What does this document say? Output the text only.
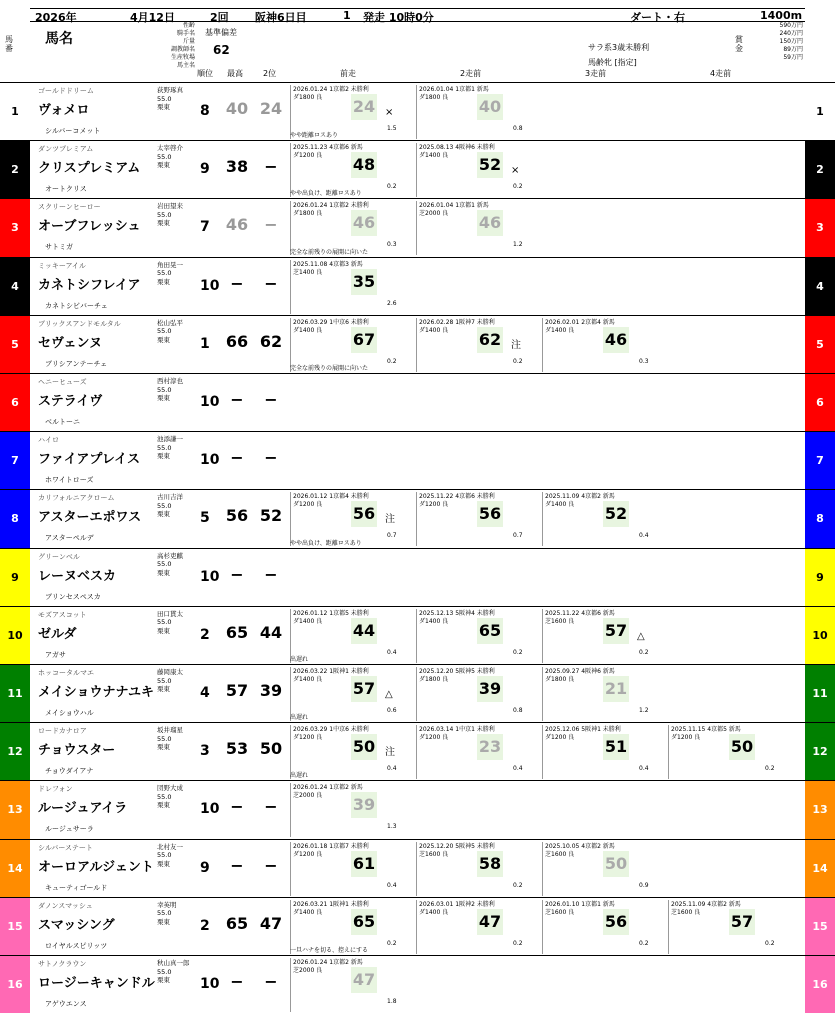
2026年	4月12日	2回 阪神6日目	1 発走 10時0分	ダート・右	1400m
馬番
馬名
順位 最高	2位	前走	2走前	3走前	4走前
基準偏差
62	サラ系3歳未勝利
馬齢牝 [指定]
賞金
590万円
240万円
150万円
89万円
59万円
性齢
騎手名
斤量
調教師名
生産牧場
馬主名
1	1
ヴォメロ
ゴールドドリーム
シルバーコメット
荻野琢真
55.0
栗東	8 40 24
2026.01.24 1京都2 未勝利
ダ1800 良 24 ×
1.5
2026.01.04 1京都1 新馬
ダ1800 良 40
0.8
やや距離ロスあり
2	2
クリスプレミアム
ダンツプレミアム
オートクリス
太宰啓介
55.0
栗東	9 38	−
2025.11.23 4京都6 新馬
ダ1200 良 48
0.2
2025.08.13 4阪神6 未勝利
ダ1400 良 52 ×
0.2
やや出負け、距離ロスあり
3	3
オーブフレッシュ
スクリーンヒーロー
サトミガ
岩田望来
55.0
栗東	7 46	−
2026.01.24 1京都2 未勝利
ダ1800 良 46
0.3
2026.01.04 1京都1 新馬
芝2000 良 46
1.2
完全な前残りの展開に向いた
4	4
カネトシフレイア
ミッキーアイル
カネトシビバーチェ
角田晃一
55.0
栗東	10 −	−
2025.11.08 4京都3 新馬
芝1400 良 35
2.6
5	5
セヴェンヌ
ブリックスアンドモルタル
ブリシアンテーチェ
松山弘平
55.0
栗東	1 66 62
2026.03.29 1中京6 未勝利
ダ1400 良 67
0.2
2026.02.28 1阪神7 未勝利
ダ1400 良 62 注
0.2
2026.02.01 2京都4 新馬
ダ1400 良 46
0.3
完全な前残りの展開に向いた
6	6
ステライヴ
ヘニーヒューズ
ベルトーニ
西村淳也
55.0
栗東	10 −	−
7	7
ファイアプレイス
ハイロ
ホワイトローズ
池添謙一
55.0
栗東	10 −	−
8	8
アスターエポワス
カリフォルニアクローム
アスターペルデ
古川吉洋
55.0
栗東	5 56 52
2026.01.12 1京都4 未勝利
ダ1200 良 56 注
0.7
2025.11.22 4京都6 未勝利
ダ1200 良 56
0.7
2025.11.09 4京都2 新馬
ダ1400 良 52
0.4
やや出負け、距離ロスあり
9	9
レーヌベスカ
グリーンベル
ブリンセスペスカ
高杉吏麒
55.0
栗東	10 −	−
10	10
ゼルダ
モズアスコット
アガサ
田口貫太
55.0
栗東	2 65 44
2026.01.12 1京都5 未勝利
ダ1400 良 44
0.4
2025.12.13 5阪神4 未勝利
ダ1400 良 65
0.2
2025.11.22 4京都6 新馬
芝1600 良 57 △
0.2
出遅れ
11	11
メイショウナナユキ
ホッコータルマエ
メイショウハル
藤岡康太
55.0
栗東	4 57 39
2026.03.22 1阪神1 未勝利
ダ1400 良 57 △
0.6
2025.12.20 5阪神5 未勝利
ダ1800 良 39
0.8
2025.09.27 4阪神6 新馬
ダ1800 良 21
1.2
出遅れ
12	12
チョウスター
ロードカナロア
チョウダイアナ
坂井瑠星
55.0
栗東	3 53 50
2026.03.29 1中京6 未勝利
ダ1200 良 50 注
0.4
2026.03.14 1中京1 未勝利
ダ1200 良 23
0.4
2025.12.06 5阪神1 未勝利
ダ1200 良 51
0.4
2025.11.15 4京都5 新馬
ダ1200 良 50
0.2
出遅れ
13	13
ルージュアイラ
ドレフォン
ルージュサーラ
団野大成
55.0
栗東	10 −	−
2026.01.24 1京都2 新馬
芝2000 良 39
1.3
14	14
オーロアルジェント
シルバーステート
キューティゴールド
北村友一
55.0
栗東	9	−	−
2026.01.18 1京都7 未勝利
ダ1200 良 61
0.4
2025.12.20 5阪神5 未勝利
芝1600 良 58
0.2
2025.10.05 4京都2 新馬
芝1600 良 50
0.9
15	15
スマッシング
ダノンスマッシュ
ロイヤルスピリッツ
幸英明
55.0
栗東	2 65 47
2026.03.21 1阪神1 未勝利
ダ1400 良 65
0.2
2026.03.01 1阪神2 未勝利
ダ1400 良 47
0.2
2026.01.10 1京都1 新馬
芝1600 良 56
0.2
2025.11.09 4京都2 新馬
芝1600 良 57
0.2
一旦ハナを切る、控えにする
16	16
ロージーキャンドル
サトノクラウン
アゲウエンス
秋山真一郎
55.0
栗東	10 −	−
2026.01.24 1京都2 新馬
芝2000 良 47
1.8
